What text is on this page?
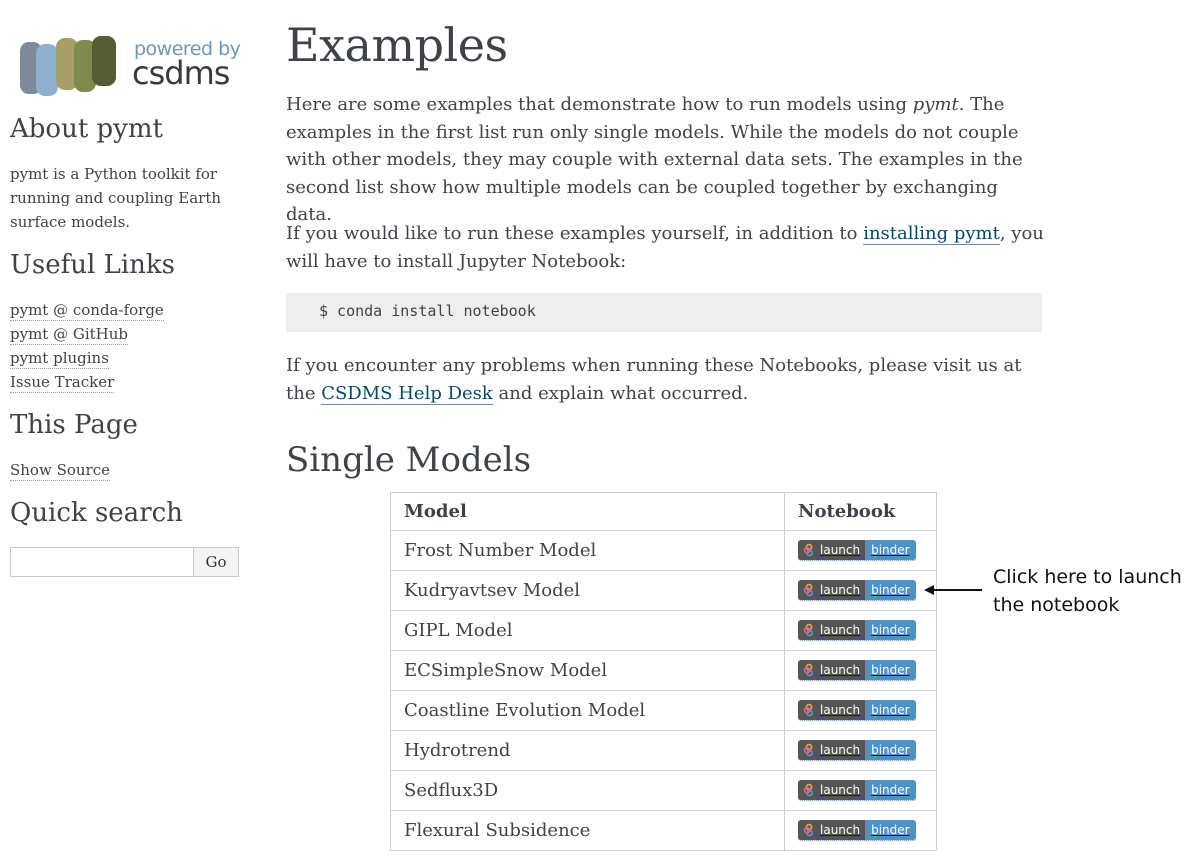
powered by
csdms
About pymt

pymt is a Python toolkit for running and coupling Earth surface models.

Useful Links
pymt @ conda-forge
pymt @ GitHub
pymt plugins
Issue Tracker
This Page
Show Source
Quick search
Go
Examples

Here are some examples that demonstrate how to run models using pymt. The examples in the first list run only single models. While the models do not couple with other models, they may couple with external data sets. The examples in the second list show how multiple models can be coupled together by exchanging data.

If you would like to run these examples yourself, in addition to installing pymt, you will have to install Jupyter Notebook:

$ conda install notebook

If you encounter any problems when running these Notebooks, please visit us at the CSDMS Help Desk and explain what occurred.

Single Models
Model	Notebook
Frost Number Model	launch binder

Kudryavtsev Model	launch binder

GIPL Model	launch binder

ECSimpleSnow Model	launch binder

Coastline Evolution Model	launch binder

Hydrotrend	launch binder

Sedflux3D	launch binder

Flexural Subsidence	launch binder
Click here to launch
the notebook
